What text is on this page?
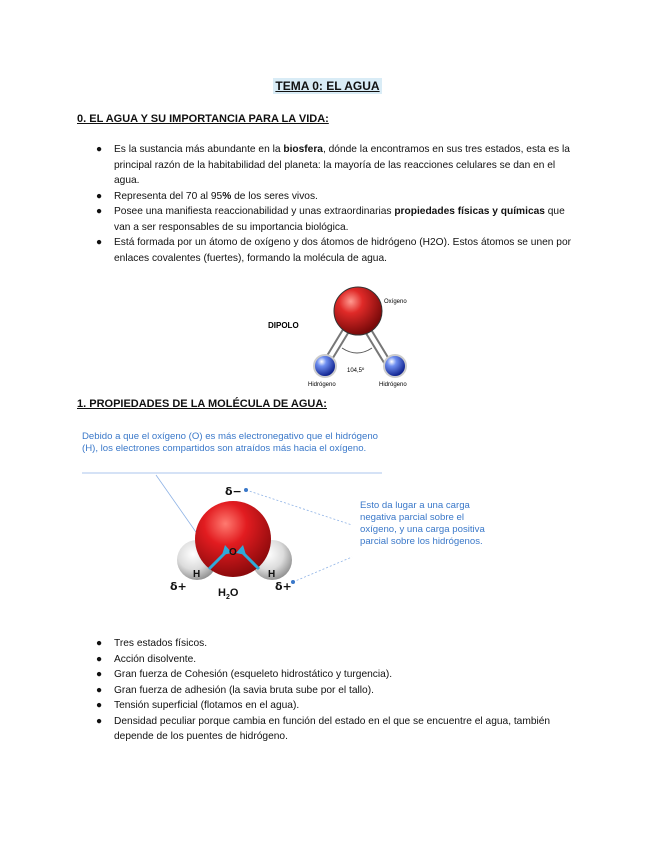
TEMA 0: EL AGUA
0. EL AGUA Y SU IMPORTANCIA PARA LA VIDA:
● Es la sustancia más abundante en la biosfera, dónde la encontramos en sus tres estados, esta es la principal razón de la habitabilidad del planeta: la mayoría de las reacciones celulares se dan en el agua.
● Representa del 70 al 95% de los seres vivos.
● Posee una manifiesta reaccionabilidad y unas extraordinarias propiedades físicas y químicas que van a ser responsables de su importancia biológica.
● Está formada por un átomo de oxígeno y dos átomos de hidrógeno (H2O). Estos átomos se unen por enlaces covalentes (fuertes), formando la molécula de agua.
DIPOLO
Oxígeno
Hidrógeno	Hidrógeno
104,5º
1. PROPIEDADES DE LA MOLÉCULA DE AGUA:
Debido a que el oxígeno (O) es más electronegativo que el hidrógeno (H), los electrones compartidos son atraídos más hacia el oxígeno.
O
H	H
δ−
δ+	δ+
$H_2O$
Esto da lugar a una carga negativa parcial sobre el oxígeno, y una carga positiva parcial sobre los hidrógenos.
● Tres estados físicos.
● Acción disolvente.
● Gran fuerza de Cohesión (esqueleto hidrostático y turgencia).
● Gran fuerza de adhesión (la savia bruta sube por el tallo).
● Tensión superficial (flotamos en el agua).
● Densidad peculiar porque cambia en función del estado en el que se encuentre el agua, también depende de los puentes de hidrógeno.
